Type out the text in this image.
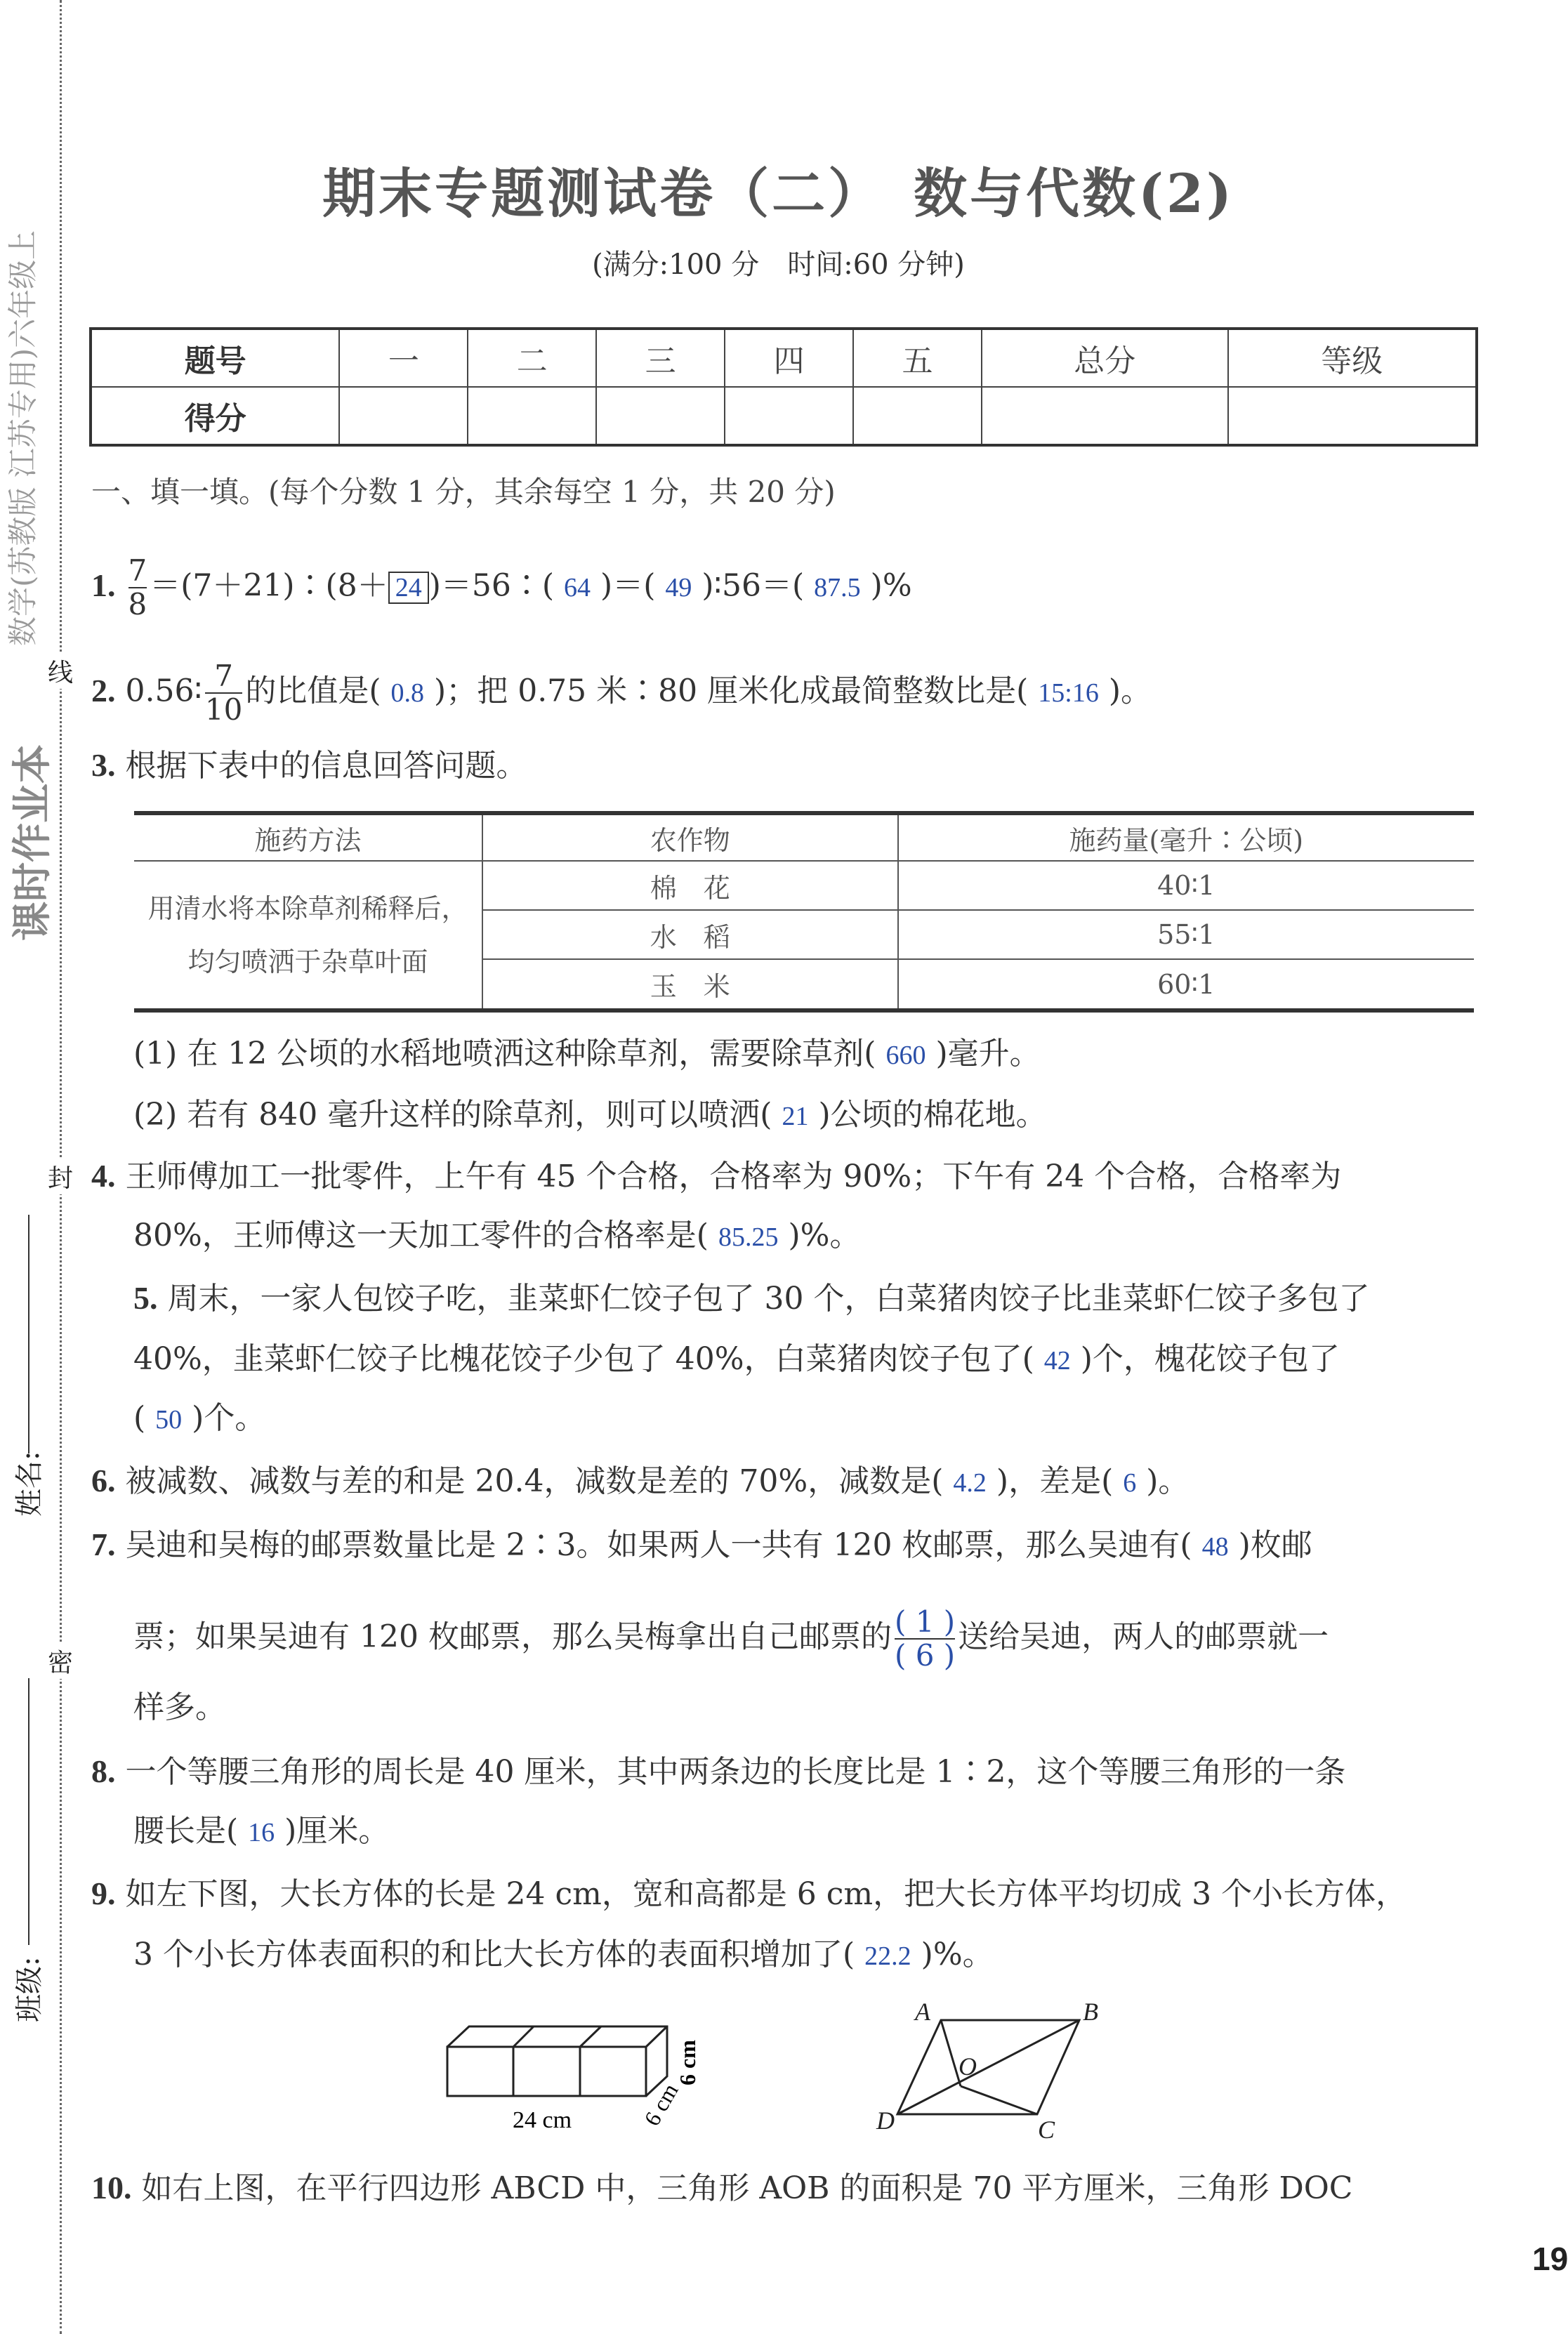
数学(苏教版 江苏专用)六年级上
课时作业本
线
封
密
姓名:
班级:
期末专题测试卷（二）　数与代数(2)
(满分:100 分　时间:60 分钟)
题号	一	二	三	四	五	总分	等级
得分							
一、填一填。(每个分数 1 分，其余每空 1 分，共 20 分)
1. $\frac{7}{8}$ ＝(7＋21)∶(8＋ 24 )＝56∶( 64 )＝( 49 )∶56＝( 87.5 )%
2. 0.56∶ $\frac{7}{10}$ 的比值是( 0.8 )；把 0.75 米∶80 厘米化成最简整数比是( 15:16 )。
3. 根据下表中的信息回答问题。
(1) 在 12 公顷的水稻地喷洒这种除草剂，需要除草剂( 660 )毫升。
(2) 若有 840 毫升这样的除草剂，则可以喷洒( 21 )公顷的棉花地。
4. 王师傅加工一批零件，上午有 45 个合格，合格率为 90%；下午有 24 个合格，合格率为
80%，王师傅这一天加工零件的合格率是( 85.25 )%。
5. 周末，一家人包饺子吃，韭菜虾仁饺子包了 30 个，白菜猪肉饺子比韭菜虾仁饺子多包了
40%，韭菜虾仁饺子比槐花饺子少包了 40%，白菜猪肉饺子包了( 42 )个，槐花饺子包了
( 50 )个。
6. 被减数、减数与差的和是 20.4，减数是差的 70%，减数是( 4.2 )，差是( 6 )。
7. 吴迪和吴梅的邮票数量比是 2∶3。如果两人一共有 120 枚邮票，那么吴迪有( 48 )枚邮
票；如果吴迪有 120 枚邮票，那么吴梅拿出自己邮票的 $\frac{( 1 )}{( 6 )}$ 送给吴迪，两人的邮票就一
样多。
8. 一个等腰三角形的周长是 40 厘米，其中两条边的长度比是 1∶2，这个等腰三角形的一条
腰长是( 16 )厘米。
9. 如左下图，大长方体的长是 24 cm，宽和高都是 6 cm，把大长方体平均切成 3 个小长方体，
3 个小长方体表面积的和比大长方体的表面积增加了( 22.2 )%。
10. 如右上图，在平行四边形 ABCD 中，三角形 AOB 的面积是 70 平方厘米，三角形 DOC
施药方法	农作物	施药量(毫升∶公顷)

用清水将本除草剂稀释后，
均匀喷洒于杂草叶面	棉　花	40∶1
	水　稻	55∶1
	玉　米	60∶1
24 cm	6 cm
6 cm
A	B
C
D
O
19
